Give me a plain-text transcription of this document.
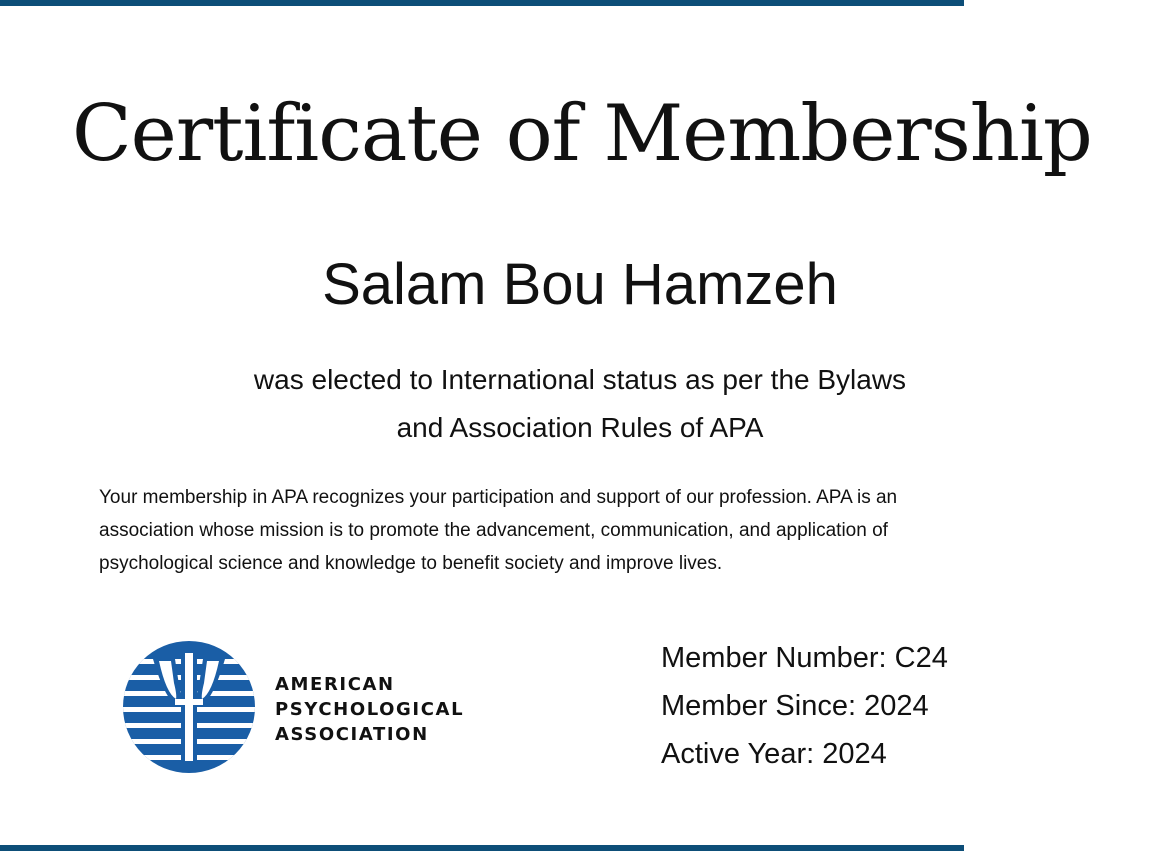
Certificate of Membership
Salam Bou Hamzeh
was elected to International status as per the Bylaws
and Association Rules of APA
Your membership in APA recognizes your participation and support of our profession. APA is an
association whose mission is to promote the advancement, communication, and application of
psychological science and knowledge to benefit society and improve lives.
AMERICAN
PSYCHOLOGICAL
ASSOCIATION
Member Number: C24
Member Since: 2024
Active Year: 2024
